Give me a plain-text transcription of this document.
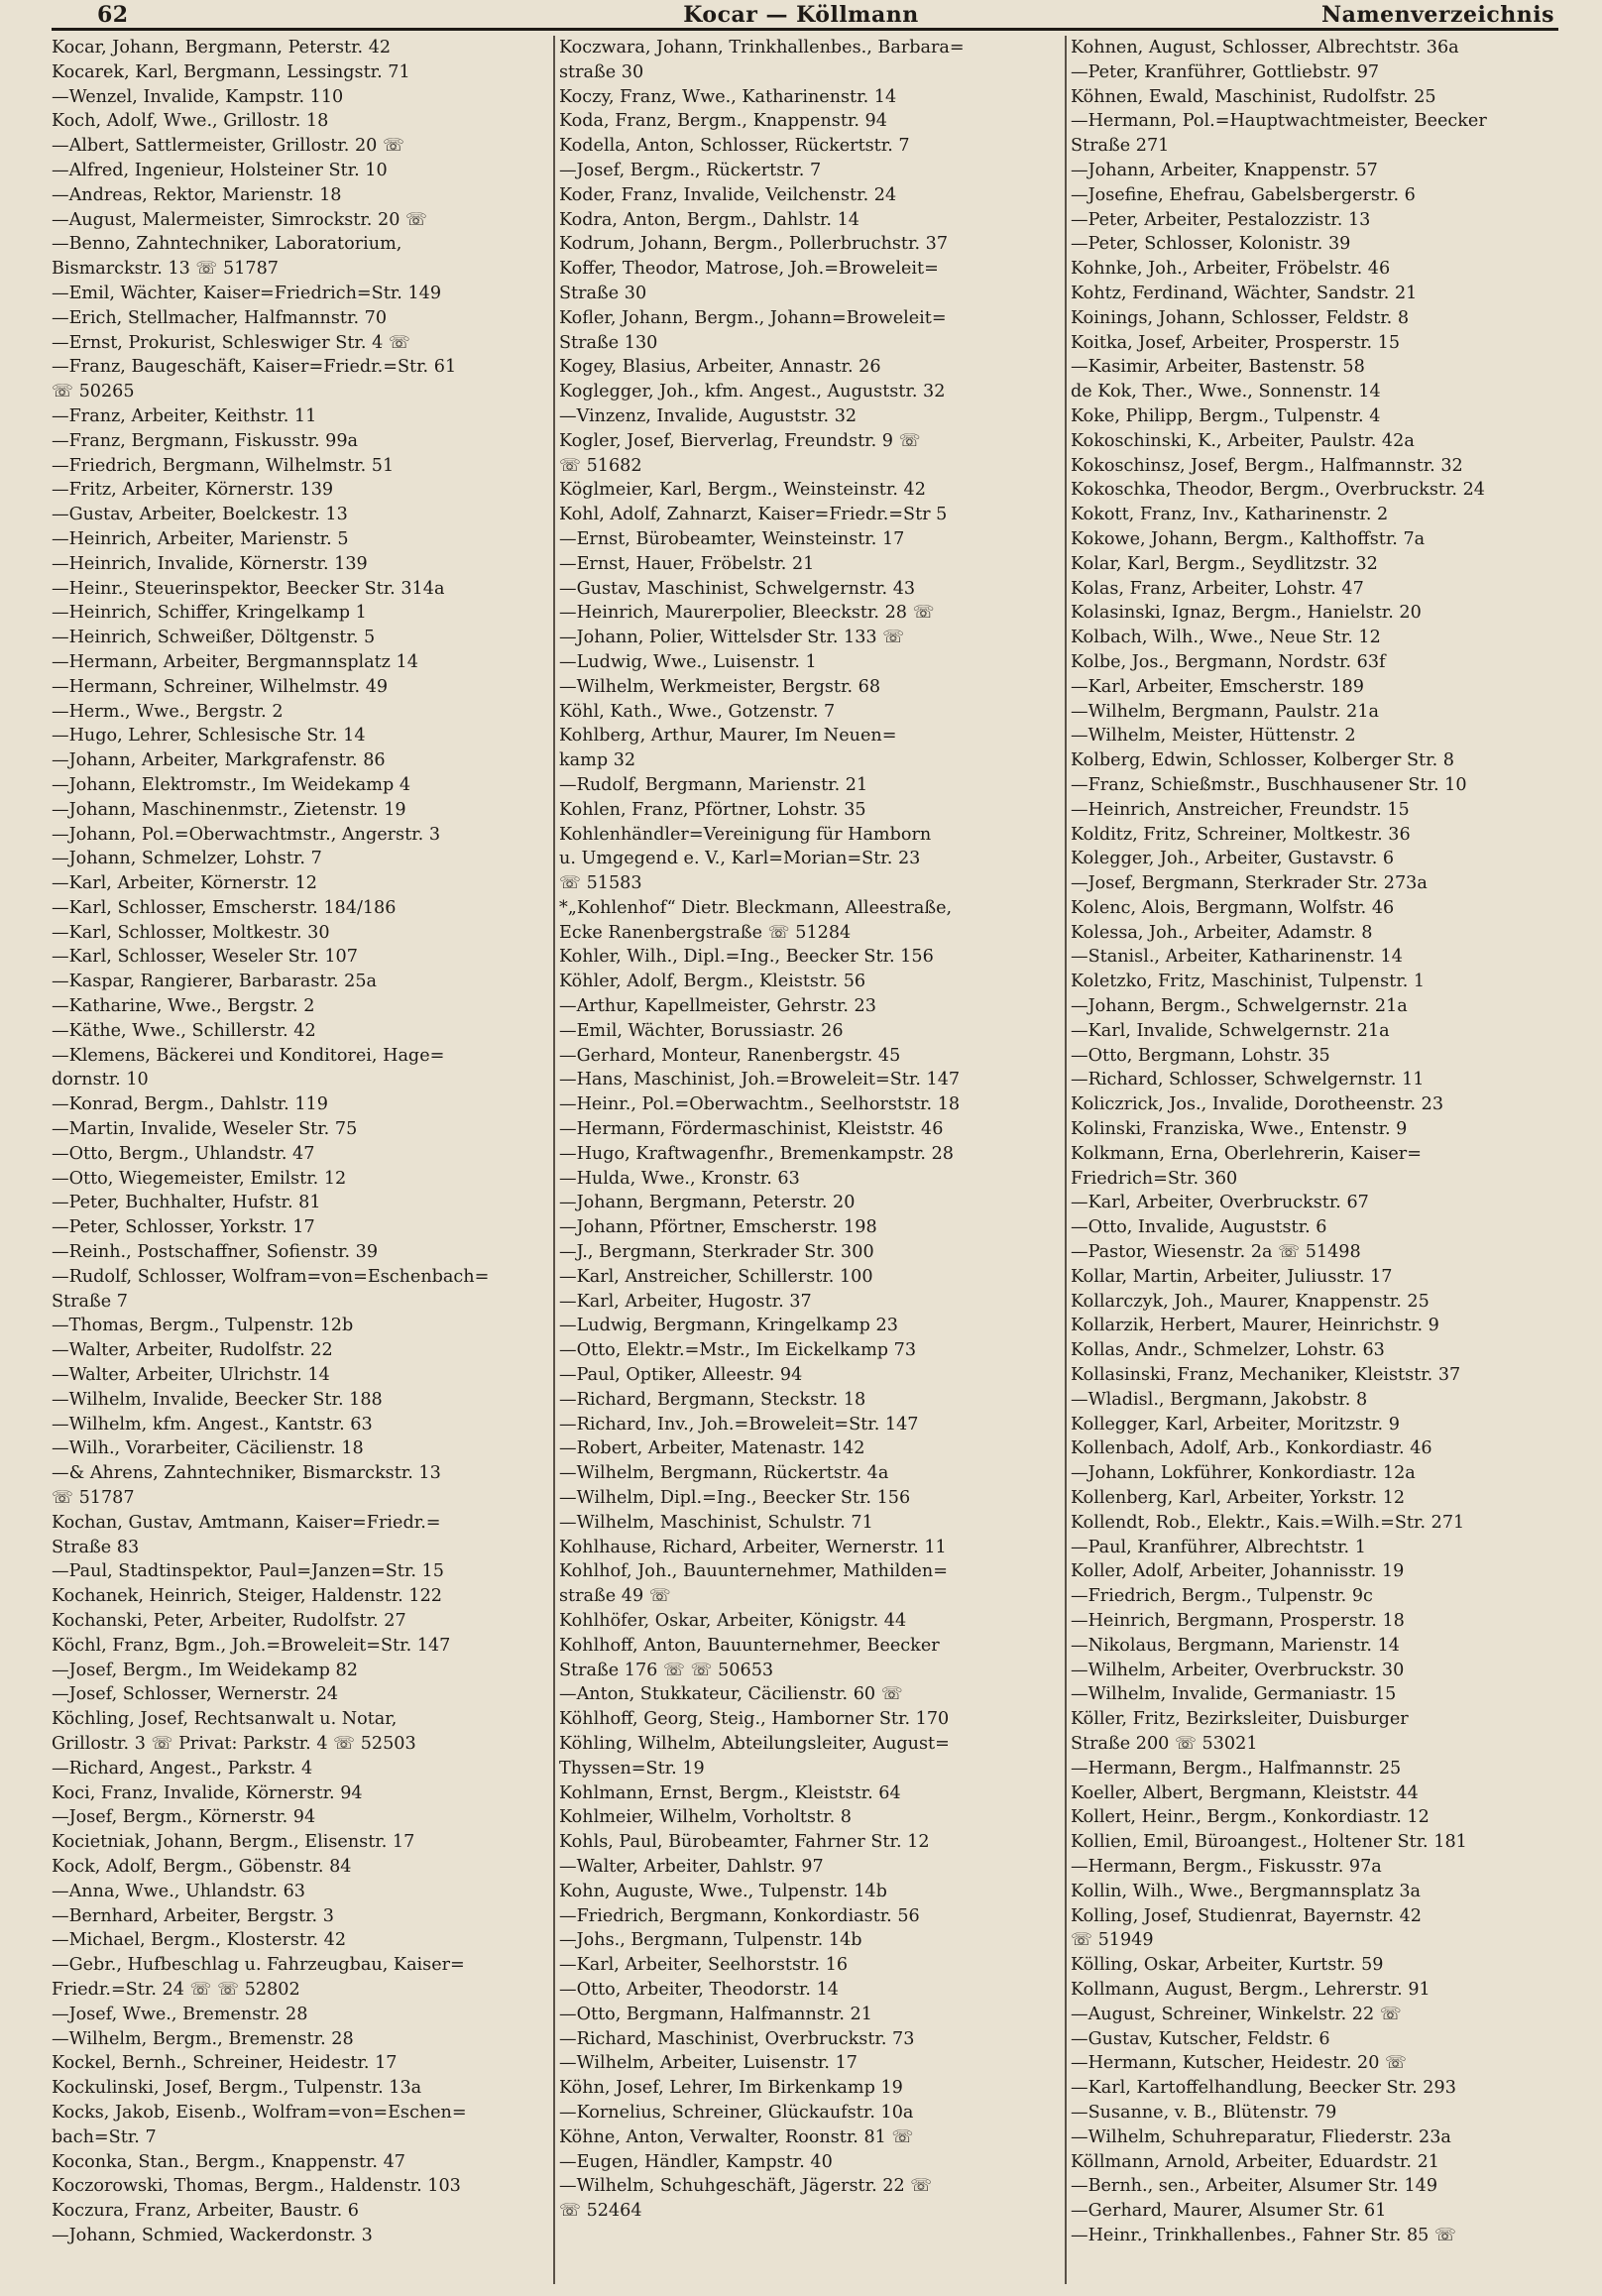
62	Kocar — Köllmann	Namenverzeichnis
Kocar, Johann, Bergmann, Peterstr. 42
Kocarek, Karl, Bergmann, Lessingstr. 71
—Wenzel, Invalide, Kampstr. 110
Koch, Adolf, Wwe., Grillostr. 18
—Albert, Sattlermeister, Grillostr. 20 ☏
—Alfred, Ingenieur, Holsteiner Str. 10
—Andreas, Rektor, Marienstr. 18
—August, Malermeister, Simrockstr. 20 ☏
—Benno, Zahntechniker, Laboratorium,
Bismarckstr. 13 ☏ 51787
—Emil, Wächter, Kaiser=Friedrich=Str. 149
—Erich, Stellmacher, Halfmannstr. 70
—Ernst, Prokurist, Schleswiger Str. 4 ☏
—Franz, Baugeschäft, Kaiser=Friedr.=Str. 61
☏ 50265
—Franz, Arbeiter, Keithstr. 11
—Franz, Bergmann, Fiskusstr. 99a
—Friedrich, Bergmann, Wilhelmstr. 51
—Fritz, Arbeiter, Körnerstr. 139
—Gustav, Arbeiter, Boelckestr. 13
—Heinrich, Arbeiter, Marienstr. 5
—Heinrich, Invalide, Körnerstr. 139
—Heinr., Steuerinspektor, Beecker Str. 314a
—Heinrich, Schiffer, Kringelkamp 1
—Heinrich, Schweißer, Döltgenstr. 5
—Hermann, Arbeiter, Bergmannsplatz 14
—Hermann, Schreiner, Wilhelmstr. 49
—Herm., Wwe., Bergstr. 2
—Hugo, Lehrer, Schlesische Str. 14
—Johann, Arbeiter, Markgrafenstr. 86
—Johann, Elektromstr., Im Weidekamp 4
—Johann, Maschinenmstr., Zietenstr. 19
—Johann, Pol.=Oberwachtmstr., Angerstr. 3
—Johann, Schmelzer, Lohstr. 7
—Karl, Arbeiter, Körnerstr. 12
—Karl, Schlosser, Emscherstr. 184/186
—Karl, Schlosser, Moltkestr. 30
—Karl, Schlosser, Weseler Str. 107
—Kaspar, Rangierer, Barbarastr. 25a
—Katharine, Wwe., Bergstr. 2
—Käthe, Wwe., Schillerstr. 42
—Klemens, Bäckerei und Konditorei, Hage=
dornstr. 10
—Konrad, Bergm., Dahlstr. 119
—Martin, Invalide, Weseler Str. 75
—Otto, Bergm., Uhlandstr. 47
—Otto, Wiegemeister, Emilstr. 12
—Peter, Buchhalter, Hufstr. 81
—Peter, Schlosser, Yorkstr. 17
—Reinh., Postschaffner, Sofienstr. 39
—Rudolf, Schlosser, Wolfram=von=Eschenbach=
Straße 7
—Thomas, Bergm., Tulpenstr. 12b
—Walter, Arbeiter, Rudolfstr. 22
—Walter, Arbeiter, Ulrichstr. 14
—Wilhelm, Invalide, Beecker Str. 188
—Wilhelm, kfm. Angest., Kantstr. 63
—Wilh., Vorarbeiter, Cäcilienstr. 18
—& Ahrens, Zahntechniker, Bismarckstr. 13
☏ 51787
Kochan, Gustav, Amtmann, Kaiser=Friedr.=
Straße 83
—Paul, Stadtinspektor, Paul=Janzen=Str. 15
Kochanek, Heinrich, Steiger, Haldenstr. 122
Kochanski, Peter, Arbeiter, Rudolfstr. 27
Köchl, Franz, Bgm., Joh.=Broweleit=Str. 147
—Josef, Bergm., Im Weidekamp 82
—Josef, Schlosser, Wernerstr. 24
Köchling, Josef, Rechtsanwalt u. Notar,
Grillostr. 3 ☏ Privat: Parkstr. 4 ☏ 52503
—Richard, Angest., Parkstr. 4
Koci, Franz, Invalide, Körnerstr. 94
—Josef, Bergm., Körnerstr. 94
Kocietniak, Johann, Bergm., Elisenstr. 17
Kock, Adolf, Bergm., Göbenstr. 84
—Anna, Wwe., Uhlandstr. 63
—Bernhard, Arbeiter, Bergstr. 3
—Michael, Bergm., Klosterstr. 42
—Gebr., Hufbeschlag u. Fahrzeugbau, Kaiser=
Friedr.=Str. 24 ☏ ☏ 52802
—Josef, Wwe., Bremenstr. 28
—Wilhelm, Bergm., Bremenstr. 28
Kockel, Bernh., Schreiner, Heidestr. 17
Kockulinski, Josef, Bergm., Tulpenstr. 13a
Kocks, Jakob, Eisenb., Wolfram=von=Eschen=
bach=Str. 7
Koconka, Stan., Bergm., Knappenstr. 47
Koczorowski, Thomas, Bergm., Haldenstr. 103
Koczura, Franz, Arbeiter, Baustr. 6
—Johann, Schmied, Wackerdonstr. 3
Koczwara, Johann, Trinkhallenbes., Barbara=
straße 30
Koczy, Franz, Wwe., Katharinenstr. 14
Koda, Franz, Bergm., Knappenstr. 94
Kodella, Anton, Schlosser, Rückertstr. 7
—Josef, Bergm., Rückertstr. 7
Koder, Franz, Invalide, Veilchenstr. 24
Kodra, Anton, Bergm., Dahlstr. 14
Kodrum, Johann, Bergm., Pollerbruchstr. 37
Koffer, Theodor, Matrose, Joh.=Broweleit=
Straße 30
Kofler, Johann, Bergm., Johann=Broweleit=
Straße 130
Kogey, Blasius, Arbeiter, Annastr. 26
Koglegger, Joh., kfm. Angest., Auguststr. 32
—Vinzenz, Invalide, Auguststr. 32
Kogler, Josef, Bierverlag, Freundstr. 9 ☏
☏ 51682
Köglmeier, Karl, Bergm., Weinsteinstr. 42
Kohl, Adolf, Zahnarzt, Kaiser=Friedr.=Str 5
—Ernst, Bürobeamter, Weinsteinstr. 17
—Ernst, Hauer, Fröbelstr. 21
—Gustav, Maschinist, Schwelgernstr. 43
—Heinrich, Maurerpolier, Bleeckstr. 28 ☏
—Johann, Polier, Wittelsder Str. 133 ☏
—Ludwig, Wwe., Luisenstr. 1
—Wilhelm, Werkmeister, Bergstr. 68
Köhl, Kath., Wwe., Gotzenstr. 7
Kohlberg, Arthur, Maurer, Im Neuen=
kamp 32
—Rudolf, Bergmann, Marienstr. 21
Kohlen, Franz, Pförtner, Lohstr. 35
Kohlenhändler=Vereinigung für Hamborn
u. Umgegend e. V., Karl=Morian=Str. 23
☏ 51583
*„Kohlenhof“ Dietr. Bleckmann, Alleestraße,
Ecke Ranenbergstraße ☏ 51284
Kohler, Wilh., Dipl.=Ing., Beecker Str. 156
Köhler, Adolf, Bergm., Kleiststr. 56
—Arthur, Kapellmeister, Gehrstr. 23
—Emil, Wächter, Borussiastr. 26
—Gerhard, Monteur, Ranenbergstr. 45
—Hans, Maschinist, Joh.=Broweleit=Str. 147
—Heinr., Pol.=Oberwachtm., Seelhorststr. 18
—Hermann, Fördermaschinist, Kleiststr. 46
—Hugo, Kraftwagenfhr., Bremenkampstr. 28
—Hulda, Wwe., Kronstr. 63
—Johann, Bergmann, Peterstr. 20
—Johann, Pförtner, Emscherstr. 198
—J., Bergmann, Sterkrader Str. 300
—Karl, Anstreicher, Schillerstr. 100
—Karl, Arbeiter, Hugostr. 37
—Ludwig, Bergmann, Kringelkamp 23
—Otto, Elektr.=Mstr., Im Eickelkamp 73
—Paul, Optiker, Alleestr. 94
—Richard, Bergmann, Steckstr. 18
—Richard, Inv., Joh.=Broweleit=Str. 147
—Robert, Arbeiter, Matenastr. 142
—Wilhelm, Bergmann, Rückertstr. 4a
—Wilhelm, Dipl.=Ing., Beecker Str. 156
—Wilhelm, Maschinist, Schulstr. 71
Kohlhause, Richard, Arbeiter, Wernerstr. 11
Kohlhof, Joh., Bauunternehmer, Mathilden=
straße 49 ☏
Kohlhöfer, Oskar, Arbeiter, Königstr. 44
Kohlhoff, Anton, Bauunternehmer, Beecker
Straße 176 ☏ ☏ 50653
—Anton, Stukkateur, Cäcilienstr. 60 ☏
Köhlhoff, Georg, Steig., Hamborner Str. 170
Köhling, Wilhelm, Abteilungsleiter, August=
Thyssen=Str. 19
Kohlmann, Ernst, Bergm., Kleiststr. 64
Kohlmeier, Wilhelm, Vorholtstr. 8
Kohls, Paul, Bürobeamter, Fahrner Str. 12
—Walter, Arbeiter, Dahlstr. 97
Kohn, Auguste, Wwe., Tulpenstr. 14b
—Friedrich, Bergmann, Konkordiastr. 56
—Johs., Bergmann, Tulpenstr. 14b
—Karl, Arbeiter, Seelhorststr. 16
—Otto, Arbeiter, Theodorstr. 14
—Otto, Bergmann, Halfmannstr. 21
—Richard, Maschinist, Overbruckstr. 73
—Wilhelm, Arbeiter, Luisenstr. 17
Köhn, Josef, Lehrer, Im Birkenkamp 19
—Kornelius, Schreiner, Glückaufstr. 10a
Köhne, Anton, Verwalter, Roonstr. 81 ☏
—Eugen, Händler, Kampstr. 40
—Wilhelm, Schuhgeschäft, Jägerstr. 22 ☏
☏ 52464
Kohnen, August, Schlosser, Albrechtstr. 36a
—Peter, Kranführer, Gottliebstr. 97
Köhnen, Ewald, Maschinist, Rudolfstr. 25
—Hermann, Pol.=Hauptwachtmeister, Beecker
Straße 271
—Johann, Arbeiter, Knappenstr. 57
—Josefine, Ehefrau, Gabelsbergerstr. 6
—Peter, Arbeiter, Pestalozzistr. 13
—Peter, Schlosser, Kolonistr. 39
Kohnke, Joh., Arbeiter, Fröbelstr. 46
Kohtz, Ferdinand, Wächter, Sandstr. 21
Koinings, Johann, Schlosser, Feldstr. 8
Koitka, Josef, Arbeiter, Prosperstr. 15
—Kasimir, Arbeiter, Bastenstr. 58
de Kok, Ther., Wwe., Sonnenstr. 14
Koke, Philipp, Bergm., Tulpenstr. 4
Kokoschinski, K., Arbeiter, Paulstr. 42a
Kokoschinsz, Josef, Bergm., Halfmannstr. 32
Kokoschka, Theodor, Bergm., Overbruckstr. 24
Kokott, Franz, Inv., Katharinenstr. 2
Kokowe, Johann, Bergm., Kalthoffstr. 7a
Kolar, Karl, Bergm., Seydlitzstr. 32
Kolas, Franz, Arbeiter, Lohstr. 47
Kolasinski, Ignaz, Bergm., Hanielstr. 20
Kolbach, Wilh., Wwe., Neue Str. 12
Kolbe, Jos., Bergmann, Nordstr. 63f
—Karl, Arbeiter, Emscherstr. 189
—Wilhelm, Bergmann, Paulstr. 21a
—Wilhelm, Meister, Hüttenstr. 2
Kolberg, Edwin, Schlosser, Kolberger Str. 8
—Franz, Schießmstr., Buschhausener Str. 10
—Heinrich, Anstreicher, Freundstr. 15
Kolditz, Fritz, Schreiner, Moltkestr. 36
Kolegger, Joh., Arbeiter, Gustavstr. 6
—Josef, Bergmann, Sterkrader Str. 273a
Kolenc, Alois, Bergmann, Wolfstr. 46
Kolessa, Joh., Arbeiter, Adamstr. 8
—Stanisl., Arbeiter, Katharinenstr. 14
Koletzko, Fritz, Maschinist, Tulpenstr. 1
—Johann, Bergm., Schwelgernstr. 21a
—Karl, Invalide, Schwelgernstr. 21a
—Otto, Bergmann, Lohstr. 35
—Richard, Schlosser, Schwelgernstr. 11
Koliczrick, Jos., Invalide, Dorotheenstr. 23
Kolinski, Franziska, Wwe., Entenstr. 9
Kolkmann, Erna, Oberlehrerin, Kaiser=
Friedrich=Str. 360
—Karl, Arbeiter, Overbruckstr. 67
—Otto, Invalide, Auguststr. 6
—Pastor, Wiesenstr. 2a ☏ 51498
Kollar, Martin, Arbeiter, Juliusstr. 17
Kollarczyk, Joh., Maurer, Knappenstr. 25
Kollarzik, Herbert, Maurer, Heinrichstr. 9
Kollas, Andr., Schmelzer, Lohstr. 63
Kollasinski, Franz, Mechaniker, Kleiststr. 37
—Wladisl., Bergmann, Jakobstr. 8
Kollegger, Karl, Arbeiter, Moritzstr. 9
Kollenbach, Adolf, Arb., Konkordiastr. 46
—Johann, Lokführer, Konkordiastr. 12a
Kollenberg, Karl, Arbeiter, Yorkstr. 12
Kollendt, Rob., Elektr., Kais.=Wilh.=Str. 271
—Paul, Kranführer, Albrechtstr. 1
Koller, Adolf, Arbeiter, Johannisstr. 19
—Friedrich, Bergm., Tulpenstr. 9c
—Heinrich, Bergmann, Prosperstr. 18
—Nikolaus, Bergmann, Marienstr. 14
—Wilhelm, Arbeiter, Overbruckstr. 30
—Wilhelm, Invalide, Germaniastr. 15
Köller, Fritz, Bezirksleiter, Duisburger
Straße 200 ☏ 53021
—Hermann, Bergm., Halfmannstr. 25
Koeller, Albert, Bergmann, Kleiststr. 44
Kollert, Heinr., Bergm., Konkordiastr. 12
Kollien, Emil, Büroangest., Holtener Str. 181
—Hermann, Bergm., Fiskusstr. 97a
Kollin, Wilh., Wwe., Bergmannsplatz 3a
Kolling, Josef, Studienrat, Bayernstr. 42
☏ 51949
Kölling, Oskar, Arbeiter, Kurtstr. 59
Kollmann, August, Bergm., Lehrerstr. 91
—August, Schreiner, Winkelstr. 22 ☏
—Gustav, Kutscher, Feldstr. 6
—Hermann, Kutscher, Heidestr. 20 ☏
—Karl, Kartoffelhandlung, Beecker Str. 293
—Susanne, v. B., Blütenstr. 79
—Wilhelm, Schuhreparatur, Fliederstr. 23a
Köllmann, Arnold, Arbeiter, Eduardstr. 21
—Bernh., sen., Arbeiter, Alsumer Str. 149
—Gerhard, Maurer, Alsumer Str. 61
—Heinr., Trinkhallenbes., Fahner Str. 85 ☏
